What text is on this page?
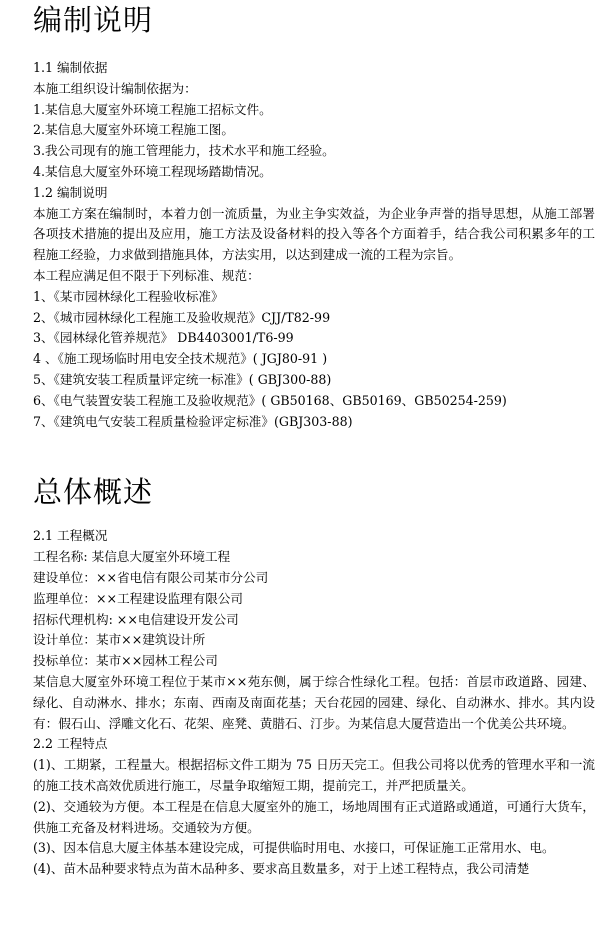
编制说明

1.1 编制依据

本施工组织设计编制依据为：

1.某信息大厦室外环境工程施工招标文件。

2.某信息大厦室外环境工程施工图。

3.我公司现有的施工管理能力，技术水平和施工经验。

4.某信息大厦室外环境工程现场踏勘情况。

1.2 编制说明

本施工方案在编制时，本着力创一流质量，为业主争实效益，为企业争声誉的指导思想，从施工部署各项技术措施的提出及应用，施工方法及设备材料的投入等各个方面着手，结合我公司积累多年的工程施工经验，力求做到措施具体，方法实用，以达到建成一流的工程为宗旨。

本工程应满足但不限于下列标准、规范：

1、《某市园林绿化工程验收标准》

2、《城市园林绿化工程施工及验收规范》CJJ/T82-99

3、《园林绿化管养规范》 DB4403001/T6-99

4 、《施工现场临时用电安全技术规范》( JGJ80-91 )

5、《建筑安装工程质量评定统一标准》( GBJ300-88)

6、《电气装置安装工程施工及验收规范》( GB50168、GB50169、GB50254-259)

7、《建筑电气安装工程质量检验评定标准》(GBJ303-88)

总体概述

2.1 工程概况

工程名称: 某信息大厦室外环境工程

建设单位：××省电信有限公司某市分公司

监理单位：××工程建设监理有限公司

招标代理机构: ××电信建设开发公司

设计单位：某市××建筑设计所

投标单位：某市××园林工程公司

某信息大厦室外环境工程位于某市××苑东侧，属于综合性绿化工程。包括：首层市政道路、园建、绿化、自动淋水、排水；东南、西南及南面花基；天台花园的园建、绿化、自动淋水、排水。其内设有：假石山、浮雕文化石、花架、座凳、黄腊石、汀步。为某信息大厦营造出一个优美公共环境。

2.2 工程特点

(1)、工期紧，工程量大。根据招标文件工期为 75 日历天完工。但我公司将以优秀的管理水平和一流的施工技术高效优质进行施工，尽量争取缩短工期，提前完工，并严把质量关。

(2)、交通较为方便。本工程是在信息大厦室外的施工，场地周围有正式道路或通道，可通行大货车，供施工充备及材料进场。交通较为方便。

(3)、因本信息大厦主体基本建设完成，可提供临时用电、水接口，可保证施工正常用水、电。

(4)、苗木品种要求特点为苗木品种多、要求高且数量多，对于上述工程特点，我公司清楚
